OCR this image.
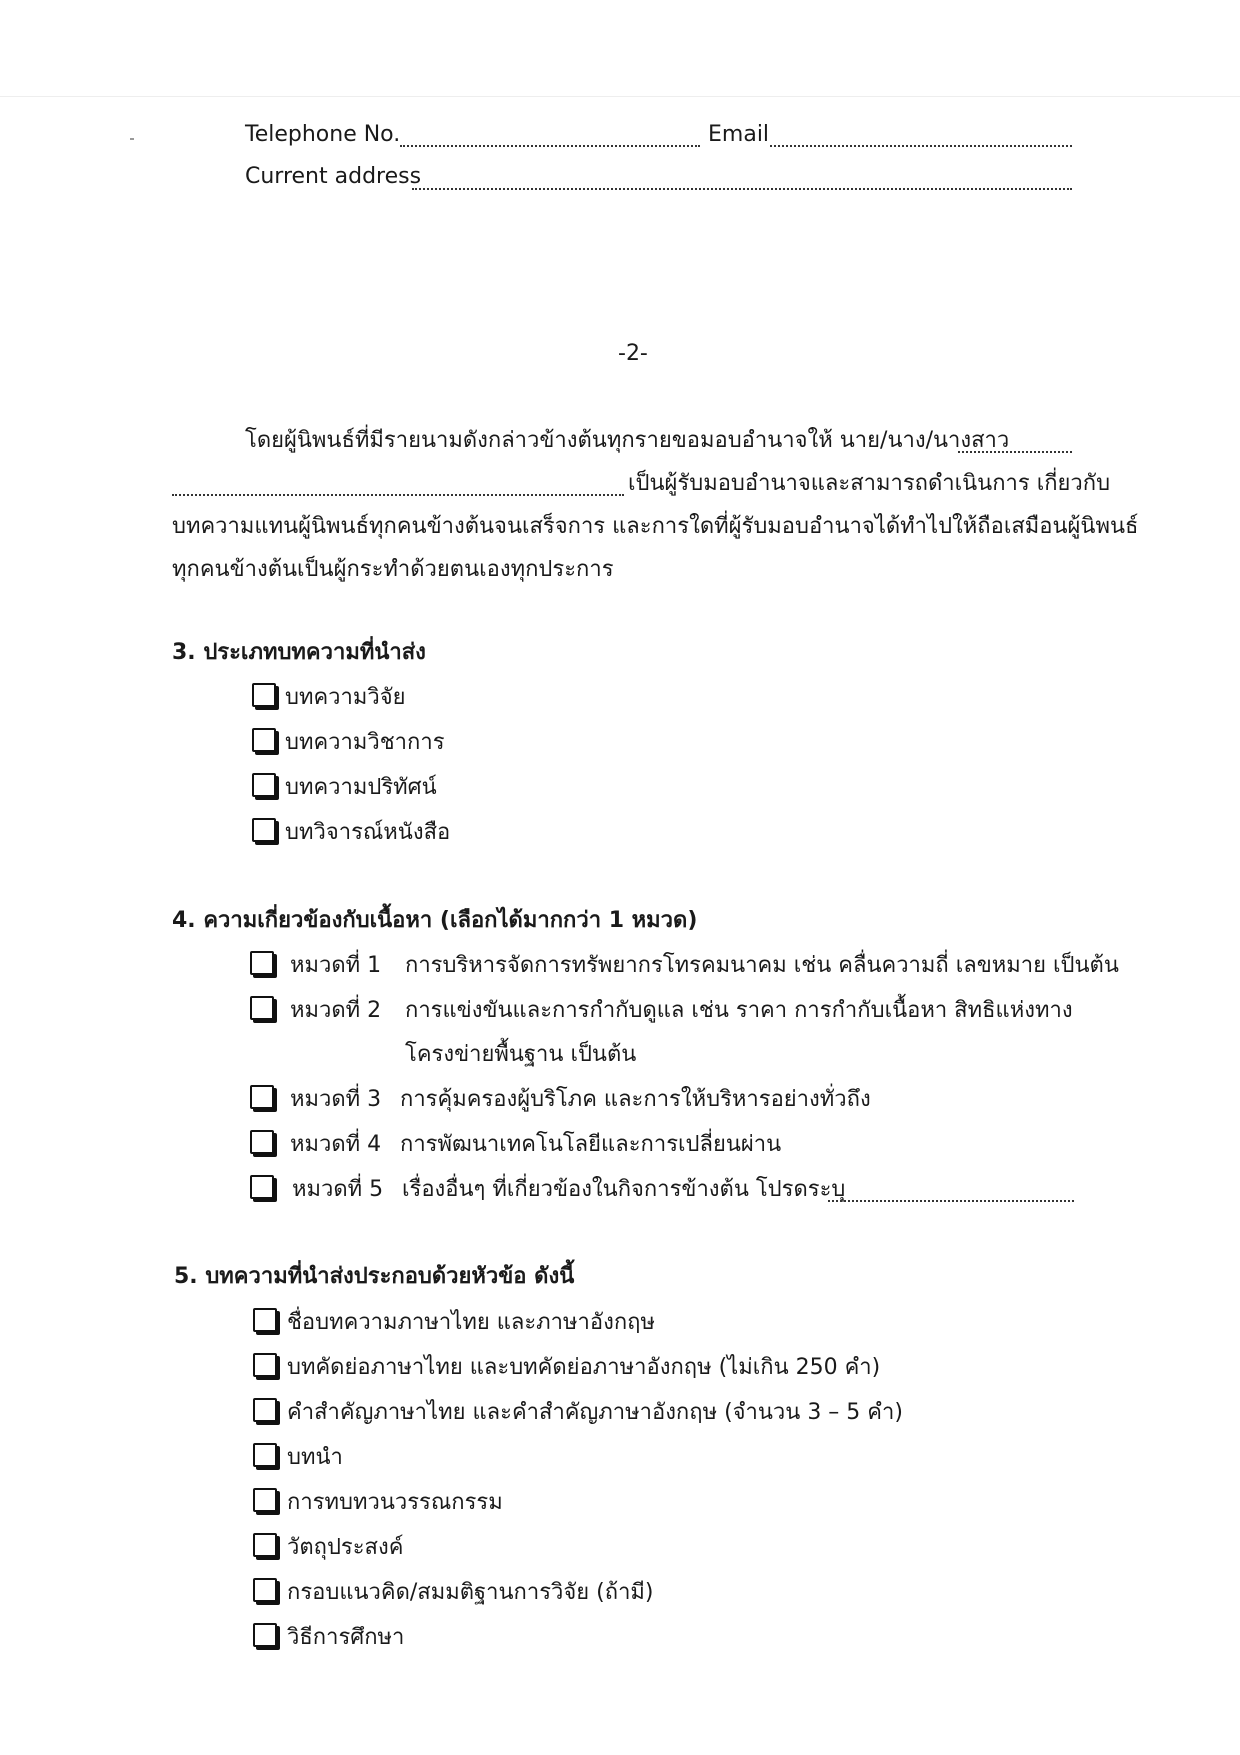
Telephone No.	Email
Current address
-2-
โดยผู้นิพนธ์ที่มีรายนามดังกล่าวข้างต้นทุกรายขอมอบอำนาจให้ นาย/นาง/นางสาว
เป็นผู้รับมอบอำนาจและสามารถดำเนินการ เกี่ยวกับ
บทความแทนผู้นิพนธ์ทุกคนข้างต้นจนเสร็จการ และการใดที่ผู้รับมอบอำนาจได้ทำไปให้ถือเสมือนผู้นิพนธ์
ทุกคนข้างต้นเป็นผู้กระทำด้วยตนเองทุกประการ
3. ประเภทบทความที่นำส่ง
บทความวิจัย
บทความวิชาการ
บทความปริทัศน์
บทวิจารณ์หนังสือ
4. ความเกี่ยวข้องกับเนื้อหา (เลือกได้มากกว่า 1 หมวด)
หมวดที่ 1 การบริหารจัดการทรัพยากรโทรคมนาคม เช่น คลื่นความถี่ เลขหมาย เป็นต้น
หมวดที่ 2 การแข่งขันและการกำกับดูแล เช่น ราคา การกำกับเนื้อหา สิทธิแห่งทาง
โครงข่ายพื้นฐาน เป็นต้น
หมวดที่ 3 การคุ้มครองผู้บริโภค และการให้บริหารอย่างทั่วถึง
หมวดที่ 4 การพัฒนาเทคโนโลยีและการเปลี่ยนผ่าน
หมวดที่ 5 เรื่องอื่นๆ ที่เกี่ยวข้องในกิจการข้างต้น โปรดระบุ
5. บทความที่นำส่งประกอบด้วยหัวข้อ ดังนี้
ชื่อบทความภาษาไทย และภาษาอังกฤษ
บทคัดย่อภาษาไทย และบทคัดย่อภาษาอังกฤษ (ไม่เกิน 250 คำ)
คำสำคัญภาษาไทย และคำสำคัญภาษาอังกฤษ (จำนวน 3 – 5 คำ)
บทนำ
การทบทวนวรรณกรรม
วัตถุประสงค์
กรอบแนวคิด/สมมติฐานการวิจัย (ถ้ามี)
วิธีการศึกษา
